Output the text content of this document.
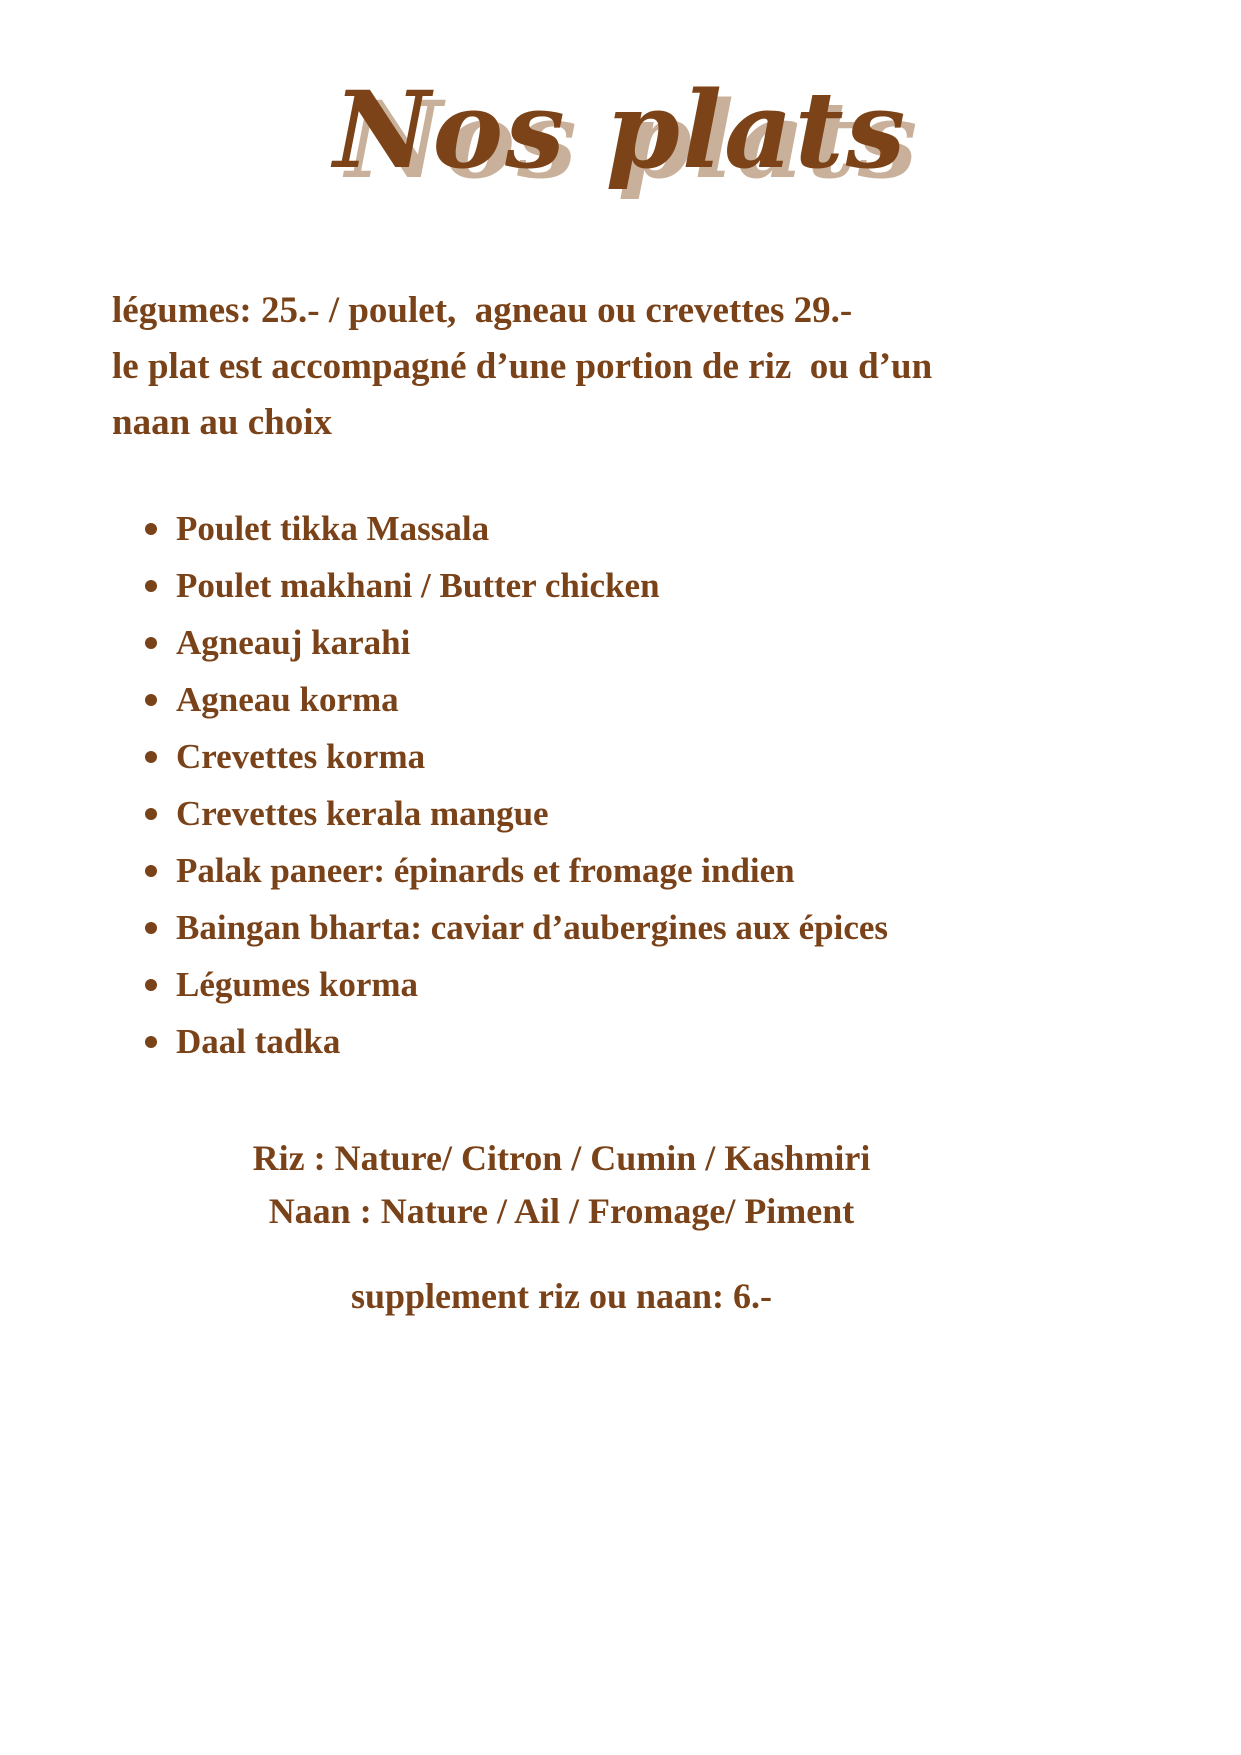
Nos plats
légumes: 25.- / poulet,  agneau ou crevettes 29.-
le plat est accompagné d’une portion de riz  ou d’un
naan au choix
Poulet tikka Massala
Poulet makhani / Butter chicken
Agneauj karahi
Agneau korma
Crevettes korma
Crevettes kerala mangue
Palak paneer: épinards et fromage indien
Baingan bharta: caviar d’aubergines aux épices
Légumes korma
Daal tadka
Riz : Nature/ Citron / Cumin / Kashmiri
Naan : Nature / Ail / Fromage/ Piment
supplement riz ou naan: 6.-
